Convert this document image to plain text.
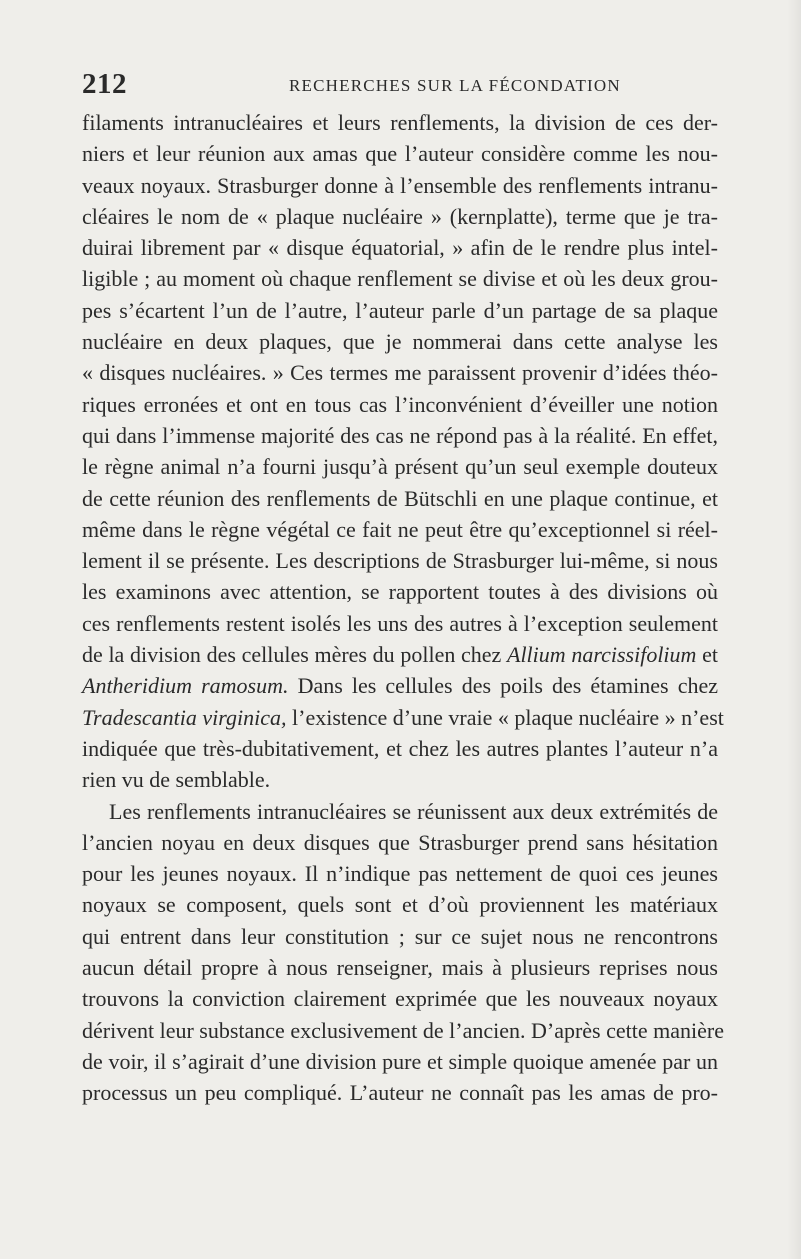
212	RECHERCHES SUR LA FÉCONDATION
filaments intranucléaires et leurs renflements, la division de ces der-
niers et leur réunion aux amas que l’auteur considère comme les nou-
veaux noyaux. Strasburger donne à l’ensemble des renflements intranu-
cléaires le nom de « plaque nucléaire » (kernplatte), terme que je tra-
duirai librement par « disque équatorial, » afin de le rendre plus intel-
ligible ; au moment où chaque renflement se divise et où les deux grou-
pes s’écartent l’un de l’autre, l’auteur parle d’un partage de sa plaque
nucléaire en deux plaques, que je nommerai dans cette analyse les
« disques nucléaires. » Ces termes me paraissent provenir d’idées théo-
riques erronées et ont en tous cas l’inconvénient d’éveiller une notion
qui dans l’immense majorité des cas ne répond pas à la réalité. En effet,
le règne animal n’a fourni jusqu’à présent qu’un seul exemple douteux
de cette réunion des renflements de Bütschli en une plaque continue, et
même dans le règne végétal ce fait ne peut être qu’exceptionnel si réel-
lement il se présente. Les descriptions de Strasburger lui-même, si nous
les examinons avec attention, se rapportent toutes à des divisions où
ces renflements restent isolés les uns des autres à l’exception seulement
de la division des cellules mères du pollen chez Allium narcissifolium et
Antheridium ramosum. Dans les cellules des poils des étamines chez
Tradescantia virginica, l’existence d’une vraie « plaque nucléaire » n’est
indiquée que très-dubitativement, et chez les autres plantes l’auteur n’a
rien vu de semblable.
Les renflements intranucléaires se réunissent aux deux extrémités de
l’ancien noyau en deux disques que Strasburger prend sans hésitation
pour les jeunes noyaux. Il n’indique pas nettement de quoi ces jeunes
noyaux se composent, quels sont et d’où proviennent les matériaux
qui entrent dans leur constitution ; sur ce sujet nous ne rencontrons
aucun détail propre à nous renseigner, mais à plusieurs reprises nous
trouvons la conviction clairement exprimée que les nouveaux noyaux
dérivent leur substance exclusivement de l’ancien. D’après cette manière
de voir, il s’agirait d’une division pure et simple quoique amenée par un
processus un peu compliqué. L’auteur ne connaît pas les amas de pro-
